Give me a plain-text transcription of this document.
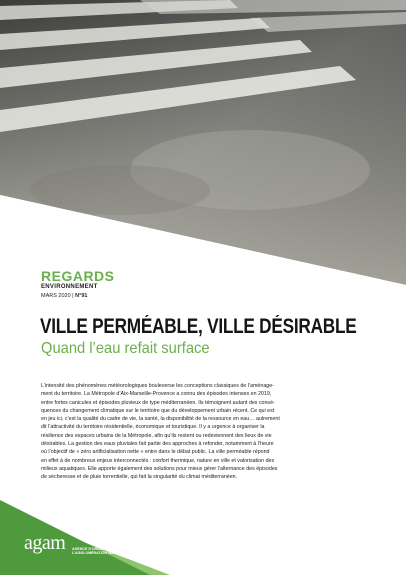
REGARDS
ENVIRONNEMENT
MARS 2020 | N°91
VILLE PERMÉABLE, VILLE DÉSIRABLE
Quand l’eau refait surface
L’intensité des phénomènes météorologiques bouleverse les conceptions classiques de l’aménage-
ment du territoire. La Métropole d’Aix-Marseille-Provence a connu des épisodes intenses en 2019,
entre fortes canicules et épisodes pluvieux de type méditerranéen. Ils témoignent autant des consé-
quences du changement climatique sur le territoire que du développement urbain récent. Ce qui est
en jeu ici, c’est la qualité du cadre de vie, la santé, la disponibilité de la ressource en eau… autrement
dit l’attractivité du territoire résidentielle, économique et touristique. Il y a urgence à organiser la
résilience des espaces urbains de la Métropole, afin qu’ils restent ou redeviennent des lieux de vie
désirables. La gestion des eaux pluviales fait partie des approches à refonder, notamment à l’heure
où l’objectif de « zéro artificialisation nette » entre dans le débat public. La ville perméable répond
en effet à de nombreux enjeux interconnectés : confort thermique, nature en ville et valorisation des
milieux aquatiques. Elle apporte également des solutions pour mieux gérer l’alternance des épisodes
de sécheresse et de pluie torrentielle, qui fait la singularité du climat méditerranéen.
agam AGENCE D’URBANISME DE L’AGGLOMÉRATION MARSEILLAISE
